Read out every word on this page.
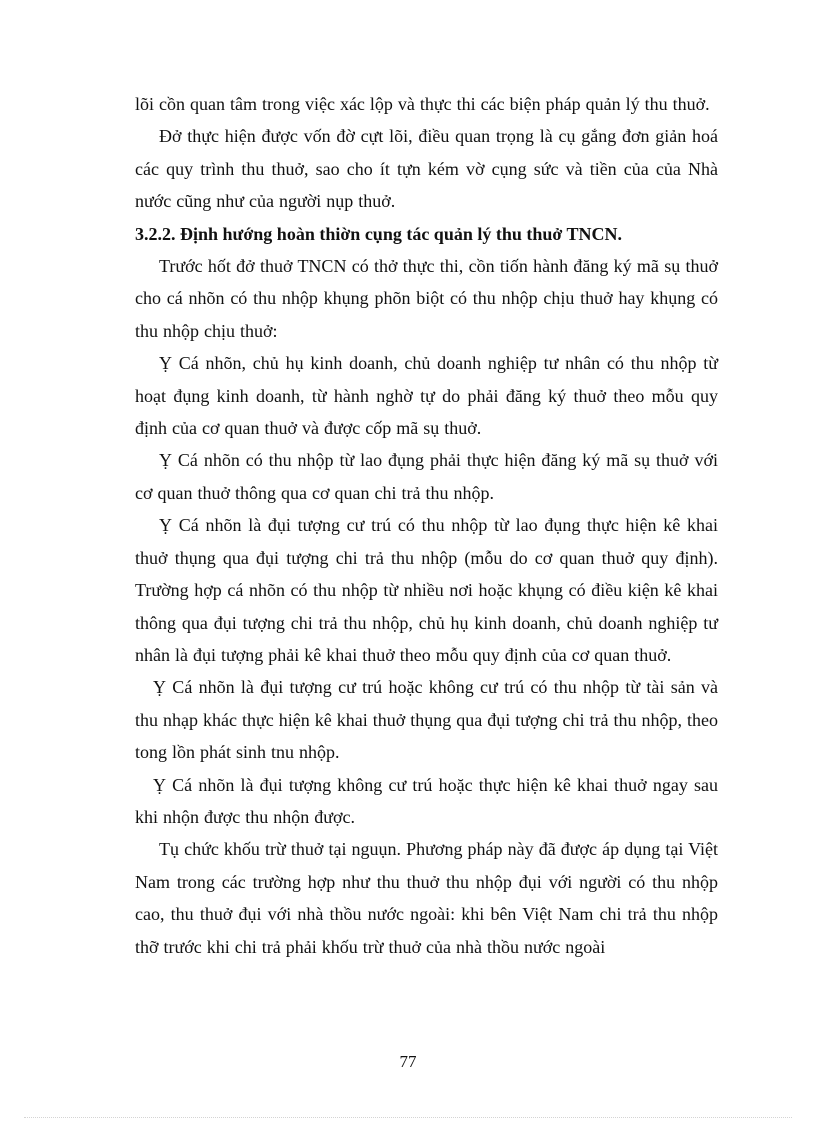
lõi cồn quan tâm trong việc xác lộp và thực thi các biện pháp quản lý thu thuở.

Đở thực hiện được vốn đờ cựt lõi, điều quan trọng là cụ gắng đơn giản hoá các quy trình thu thuở, sao cho ít tựn kém vờ cụng sức và tiền của của Nhà nước cũng như của người nụp thuở.

3.2.2. Định hướng hoàn thiờn cụng tác quản lý thu thuở TNCN.

Trước hốt đở thuở TNCN có thở thực thi, cồn tiốn hành đăng ký mã sụ thuở cho cá nhõn có thu nhộp khụng phõn biột có thu nhộp chịu thuở hay khụng có thu nhộp chịu thuở:

Ỵ Cá nhõn, chủ hụ kinh doanh, chủ doanh nghiệp tư nhân có thu nhộp từ hoạt đụng kinh doanh, từ hành nghờ tự do phải đăng ký thuở theo mỗu quy định của cơ quan thuở và được cốp mã sụ thuở.

Ỵ Cá nhõn có thu nhộp từ lao đụng phải thực hiện đăng ký mã sụ thuở với cơ quan thuở thông qua cơ quan chi trả thu nhộp.

Ỵ Cá nhõn là đụi tượng cư trú có thu nhộp từ lao đụng thực hiện kê khai thuở thụng qua đụi tượng chi trả thu nhộp (mỗu do cơ quan thuở quy định). Trường hợp cá nhõn có thu nhộp từ nhiều nơi hoặc khụng có điều kiện kê khai thông qua đụi tượng chi trả thu nhộp, chủ hụ kinh doanh, chủ doanh nghiệp tư nhân là đụi tượng phải kê khai thuở theo mỗu quy định của cơ quan thuở.

Ỵ Cá nhõn là đụi tượng cư trú hoặc không cư trú có thu nhộp từ tài sản và thu nhạp khác thực hiện kê khai thuở thụng qua đụi tượng chi trả thu nhộp, theo tong lồn phát sinh tnu nhộp.

Ỵ Cá nhõn là đụi tượng không cư trú hoặc thực hiện kê khai thuở ngay sau khi nhộn được thu nhộn được.

Tụ chức khốu trừ thuở tại nguụn. Phương pháp này đã được áp dụng tại Việt Nam trong các trường hợp như thu thuở thu nhộp đụi với người có thu nhộp cao, thu thuở đụi với nhà thồu nước ngoài: khi bên Việt Nam chi trả thu nhộp thỡ trước khi chi trả phải khốu trừ thuở của nhà thồu nước ngoài

77
